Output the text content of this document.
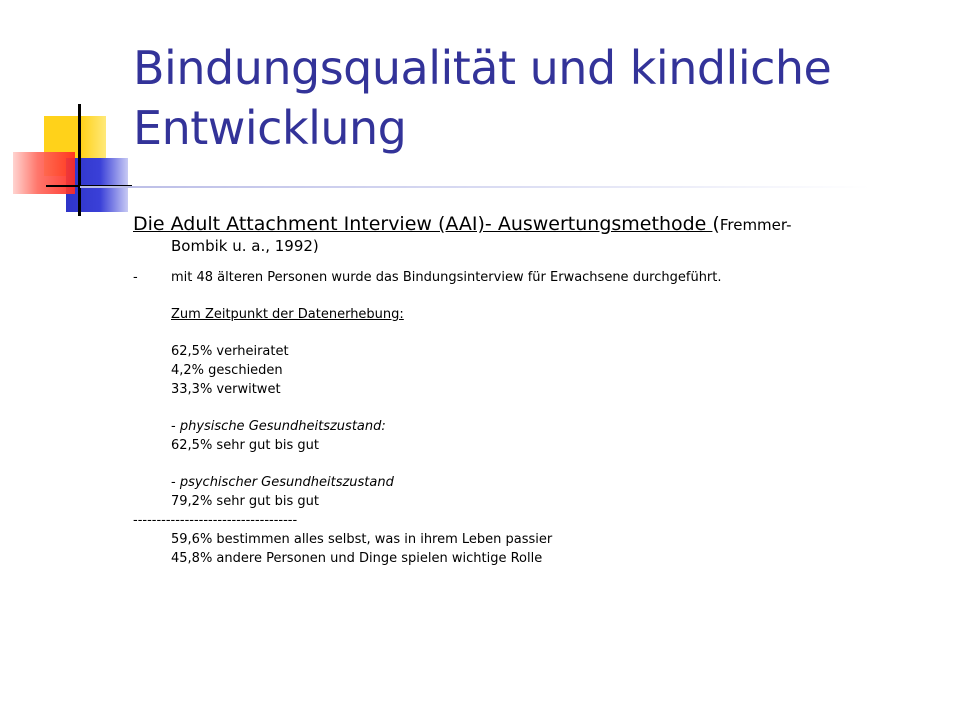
Bindungsqualität und kindliche Entwicklung

Die Adult Attachment Interview (AAI)- Auswertungsmethode (Fremmer-
Bombik u. a., 1992)

-	mit 48 älteren Personen wurde das Bindungsinterview für Erwachsene durchgeführt.

Zum Zeitpunkt der Datenerhebung:

62,5% verheiratet

4,2% geschieden

33,3% verwitwet

- physische Gesundheitszustand:

62,5% sehr gut bis gut

- psychischer Gesundheitszustand

79,2% sehr gut bis gut

-----------------------------------

59,6% bestimmen alles selbst, was in ihrem Leben passier

45,8% andere Personen und Dinge spielen wichtige Rolle
